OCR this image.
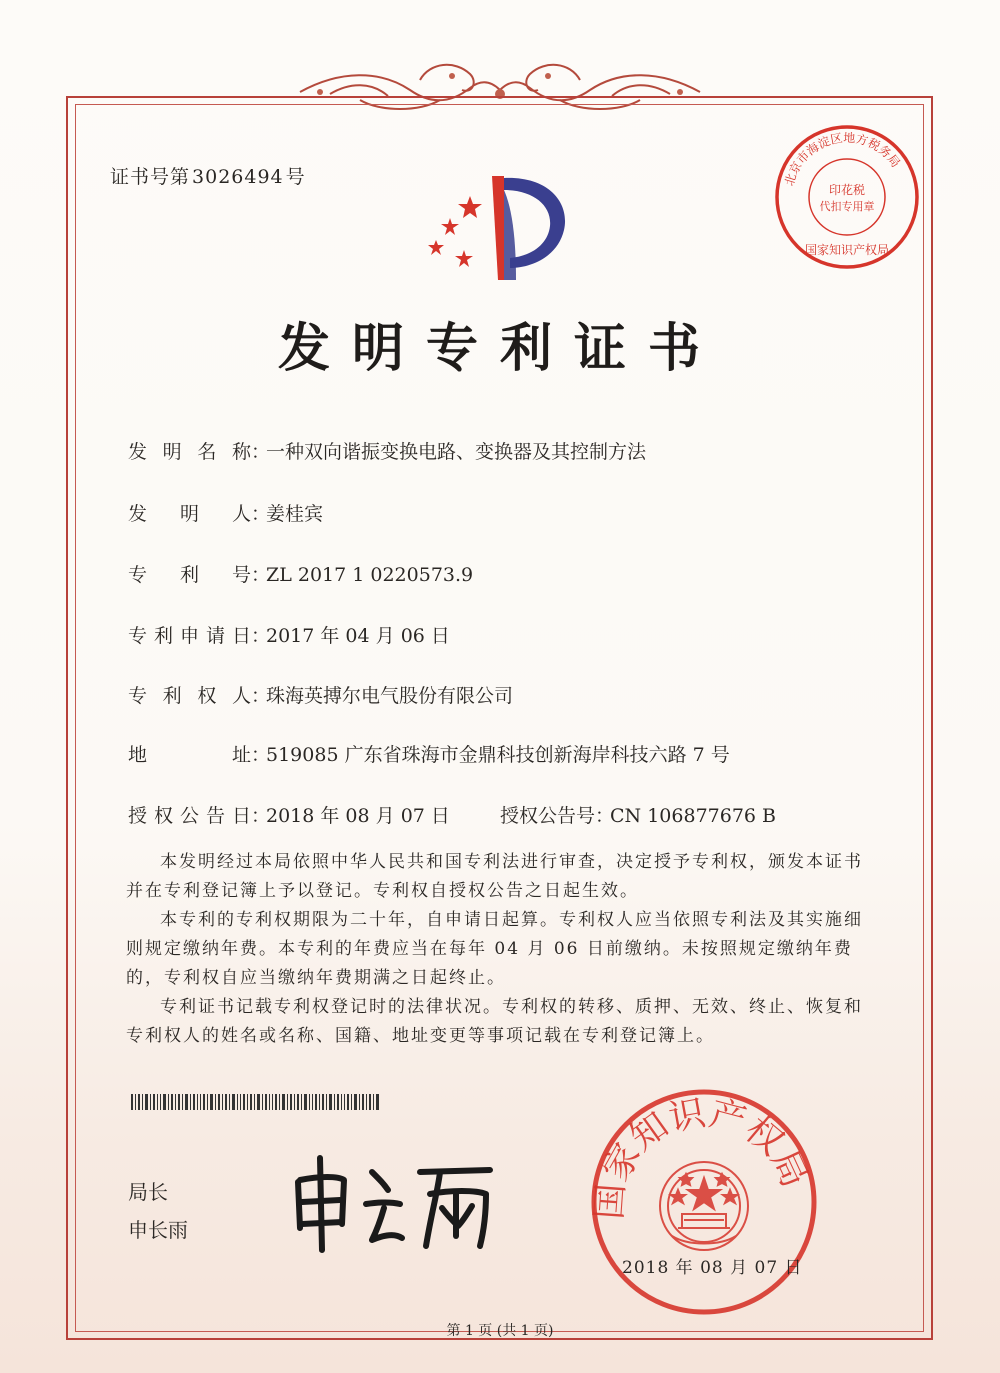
证书号第 3026494 号	北京市海淀区地方税务局
印花税
代扣专用章
国家知识产权局
发明专利证书
发明名称：一种双向谐振变换电路、变换器及其控制方法
发明人：姜桂宾
专利号：ZL 2017 1 0220573.9
专利申请日：2017 年 04 月 06 日
专利权人：珠海英搏尔电气股份有限公司
地址：519085 广东省珠海市金鼎科技创新海岸科技六路 7 号
授权公告日：2018 年 08 月 07 日	授权公告号：CN 106877676 B

本发明经过本局依照中华人民共和国专利法进行审查，决定授予专利权，颁发本证书并在专利登记簿上予以登记。专利权自授权公告之日起生效。

本专利的专利权期限为二十年，自申请日起算。专利权人应当依照专利法及其实施细则规定缴纳年费。本专利的年费应当在每年 04 月 06 日前缴纳。未按照规定缴纳年费的，专利权自应当缴纳年费期满之日起终止。

专利证书记载专利权登记时的法律状况。专利权的转移、质押、无效、终止、恢复和专利权人的姓名或名称、国籍、地址变更等事项记载在专利登记簿上。

局长
申长雨
国家知识产权局
2018 年 08 月 07 日
第 1 页 (共 1 页)
